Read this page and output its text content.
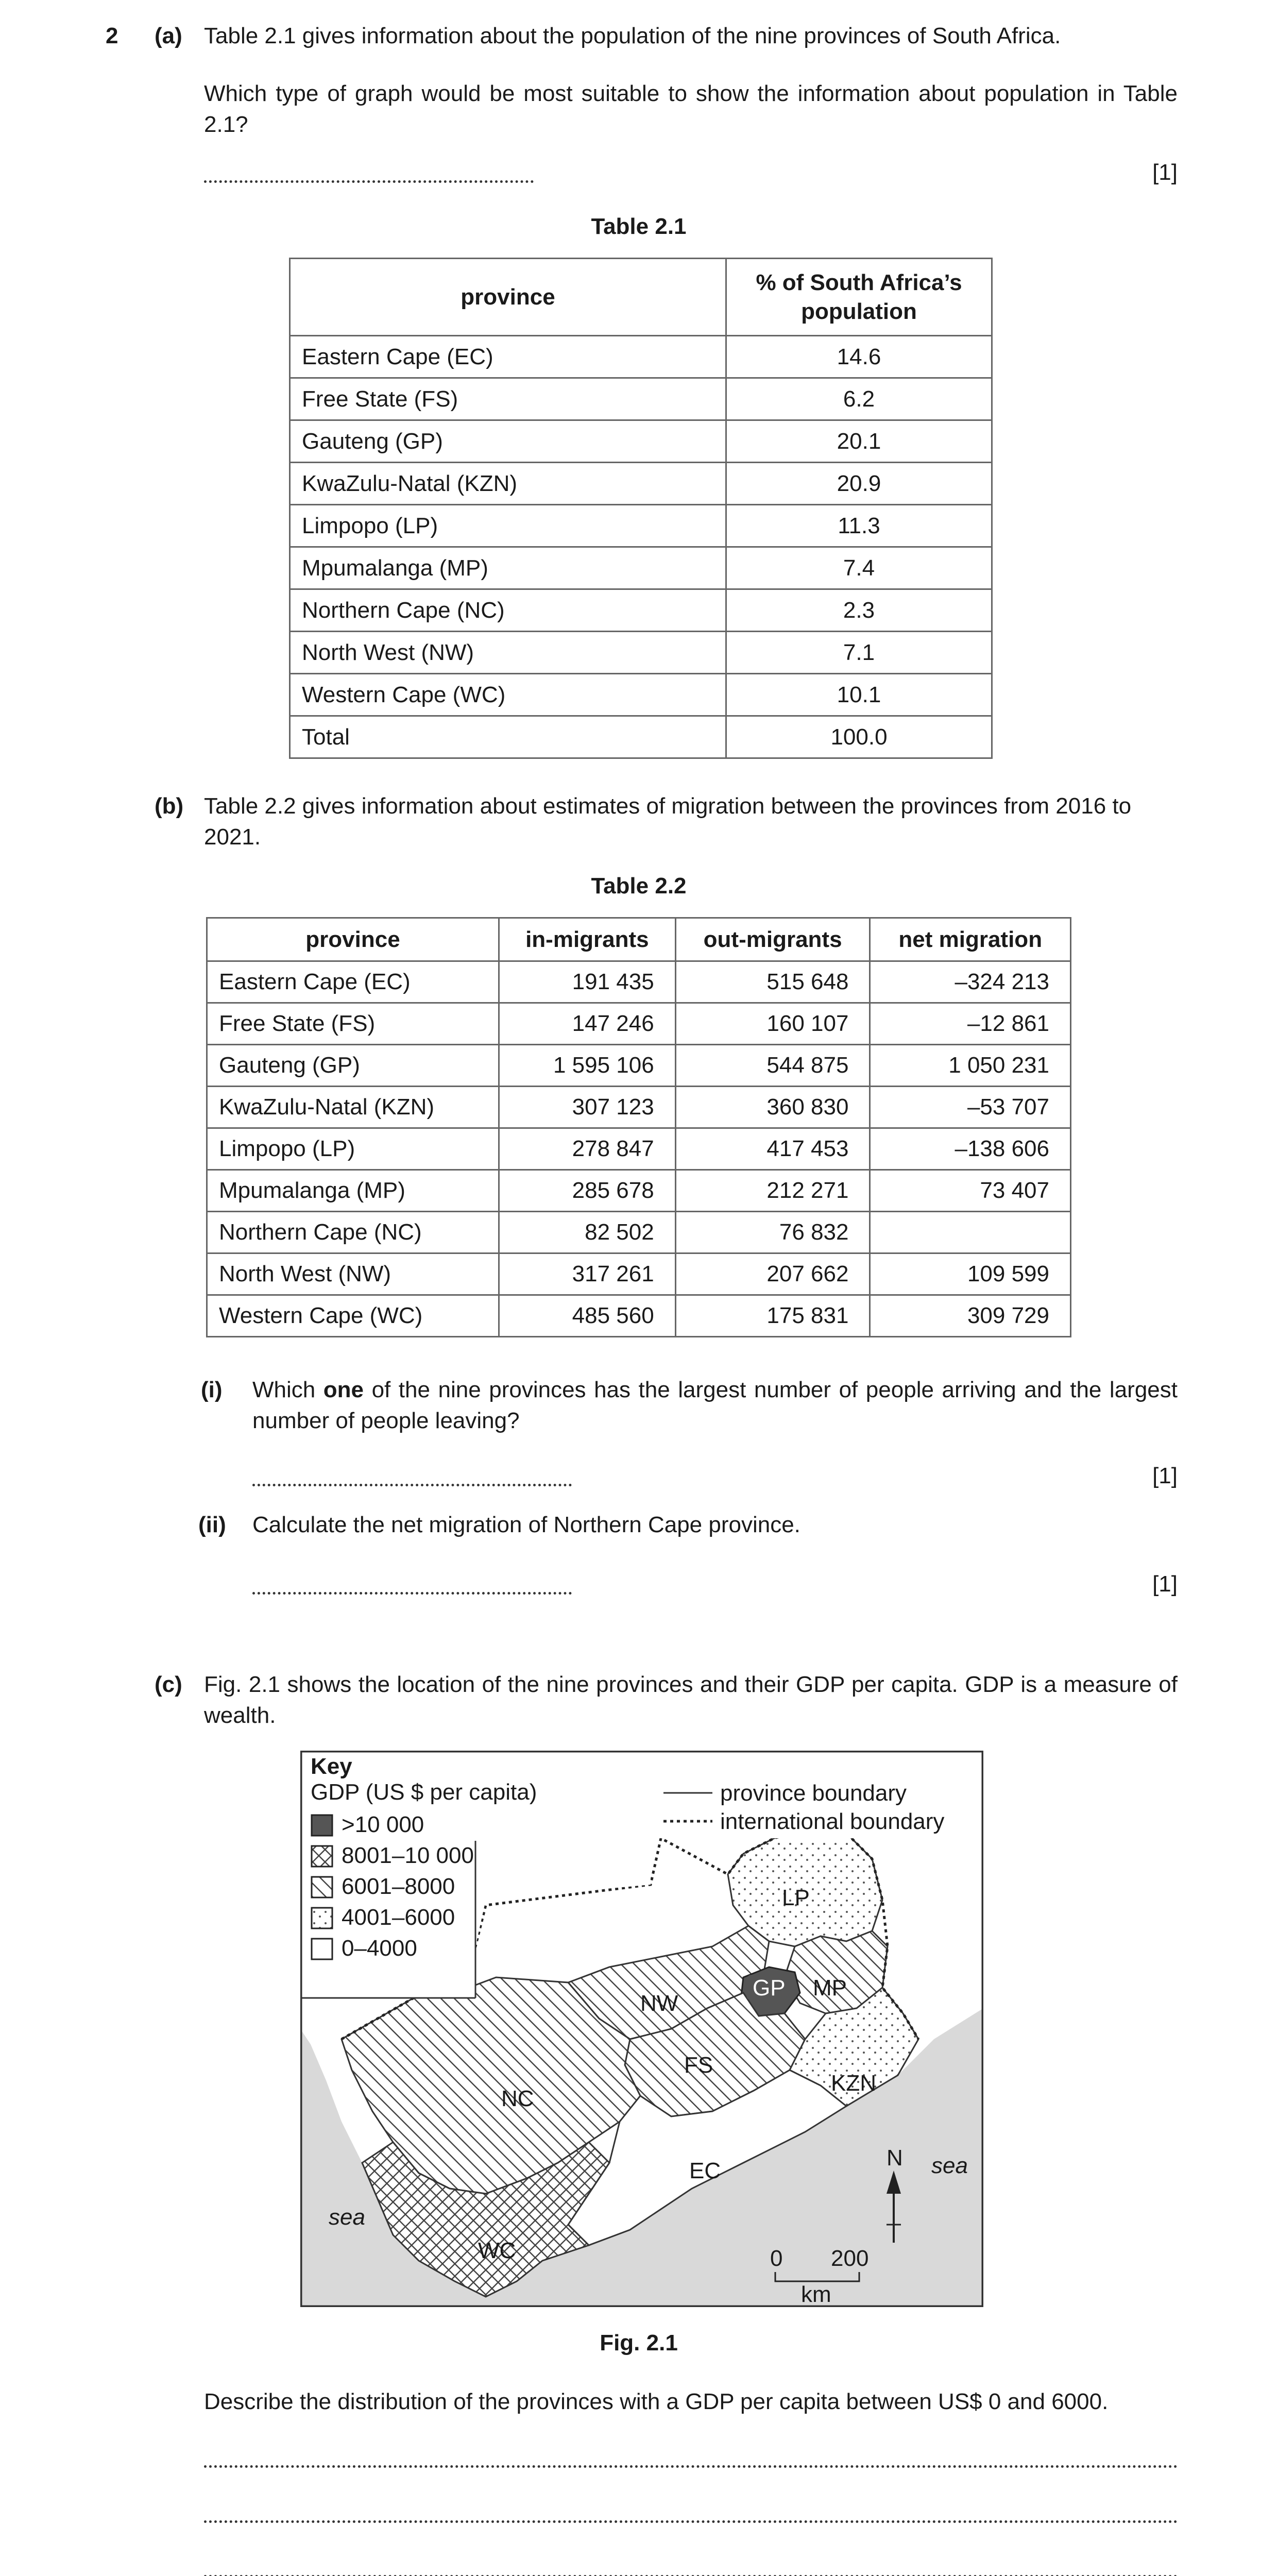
2 (a) Table 2.1 gives information about the population of the nine provinces of South Africa.
Which type of graph would be most suitable to show the information about population in Table 2.1?
[1]
Table 2.1
province	% of South Africa’s population
Eastern Cape (EC)	14.6
Free State (FS)	6.2
Gauteng (GP)	20.1
KwaZulu-Natal (KZN)	20.9
Limpopo (LP)	11.3
Mpumalanga (MP)	7.4
Northern Cape (NC)	2.3
North West (NW)	7.1
Western Cape (WC)	10.1
Total	100.0
(b) Table 2.2 gives information about estimates of migration between the provinces from 2016 to 2021.
Table 2.2
province	in-migrants	out-migrants	net migration
Eastern Cape (EC)	191 435	515 648	–324 213
Free State (FS)	147 246	160 107	–12 861
Gauteng (GP)	1 595 106	544 875	1 050 231
KwaZulu-Natal (KZN)	307 123	360 830	–53 707
Limpopo (LP)	278 847	417 453	–138 606
Mpumalanga (MP)	285 678	212 271	73 407
Northern Cape (NC)	82 502	76 832	
North West (NW)	317 261	207 662	109 599
Western Cape (WC)	485 560	175 831	309 729
(i) Which one of the nine provinces has the largest number of people arriving and the largest number of people leaving?
[1]
(ii) Calculate the net migration of Northern Cape province.
[1]
(c) Fig. 2.1 shows the location of the nine provinces and their GDP per capita. GDP is a measure of wealth.
Key
GDP (US $ per capita)
>10 000
8001–10 000
6001–8000
4001–6000
0–4000
province boundary
international boundary
LP
GP MP
NW
FS
KZN
NC
EC
WC
sea
sea
N
0 200
km
Fig. 2.1
Describe the distribution of the provinces with a GDP per capita between US$ 0 and 6000.
